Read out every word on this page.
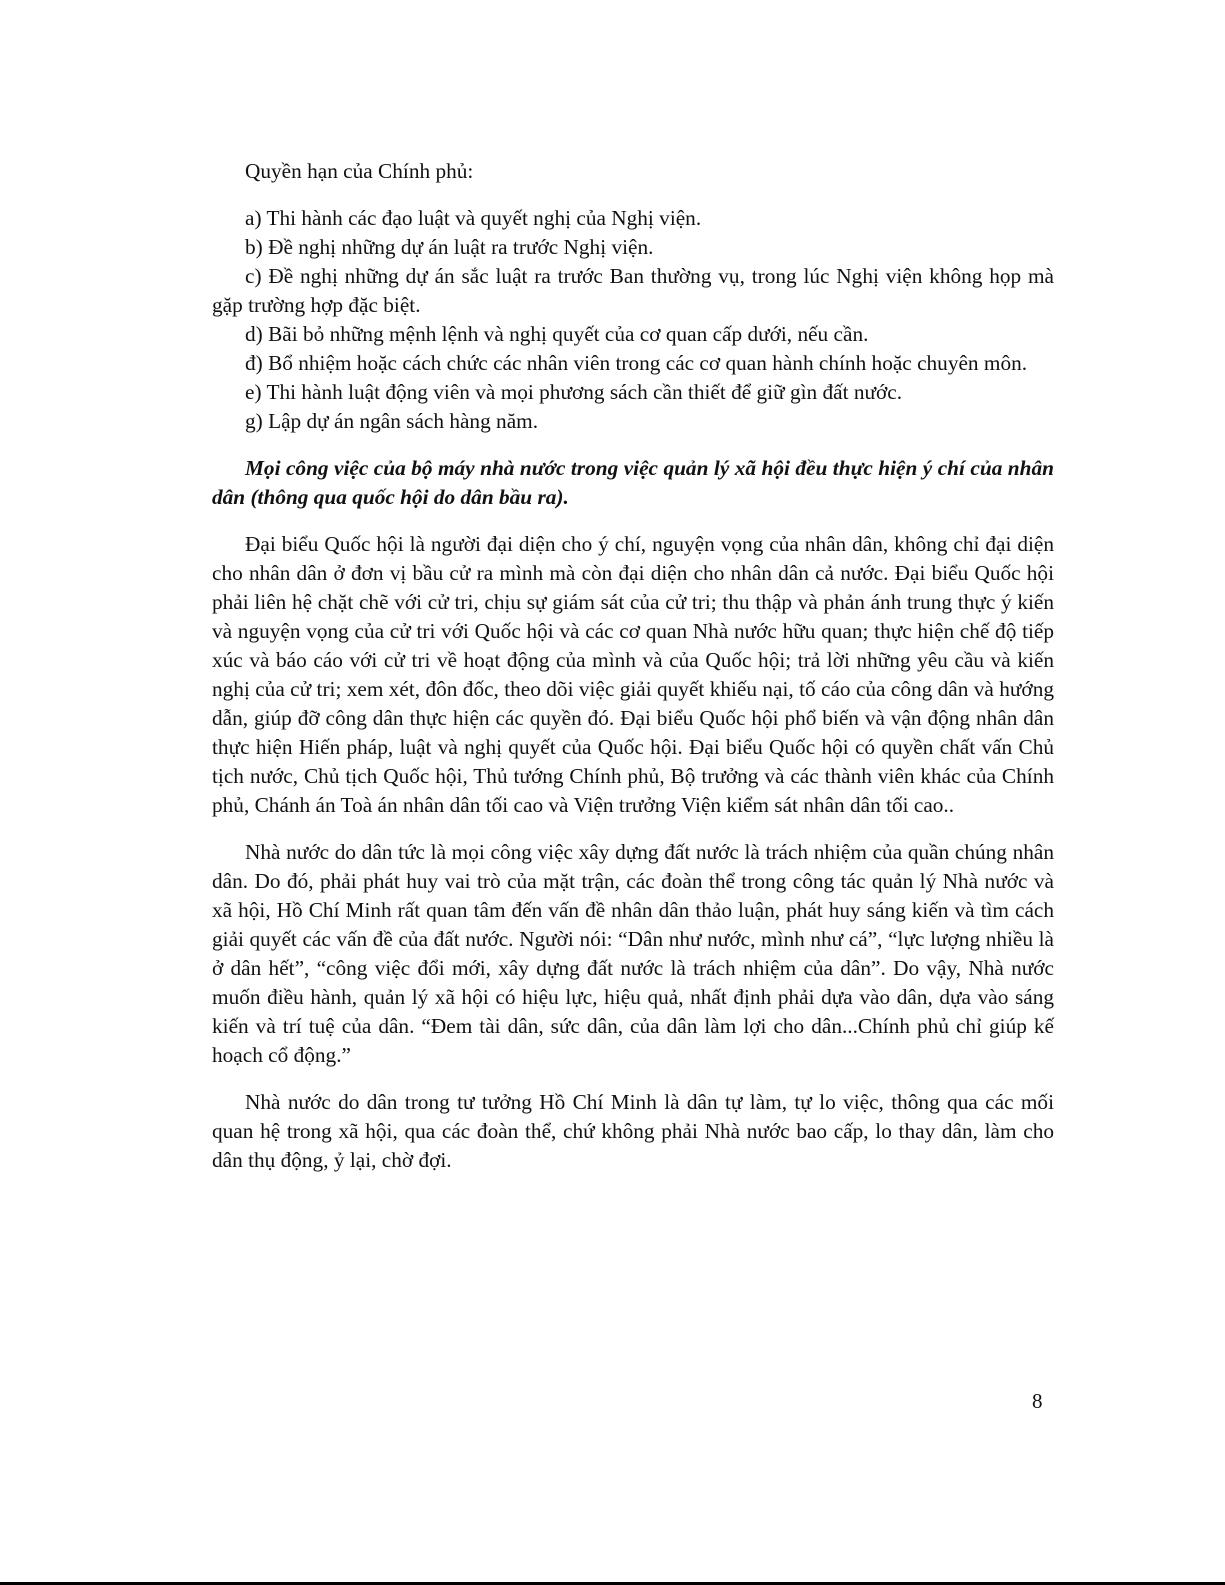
Quyền hạn của Chính phủ:

a) Thi hành các đạo luật và quyết nghị của Nghị viện.

b) Đề nghị những dự án luật ra trước Nghị viện.

c) Đề nghị những dự án sắc luật ra trước Ban thường vụ, trong lúc Nghị viện không họp mà gặp trường hợp đặc biệt.

d) Bãi bỏ những mệnh lệnh và nghị quyết của cơ quan cấp dưới, nếu cần.

đ) Bổ nhiệm hoặc cách chức các nhân viên trong các cơ quan hành chính hoặc chuyên môn.

e) Thi hành luật động viên và mọi phương sách cần thiết để giữ gìn đất nước.

g) Lập dự án ngân sách hàng năm.

Mọi công việc của bộ máy nhà nước trong việc quản lý xã hội đều thực hiện ý chí của nhân dân (thông qua quốc hội do dân bầu ra).

Đại biểu Quốc hội là người đại diện cho ý chí, nguyện vọng của nhân dân, không chỉ đại diện cho nhân dân ở đơn vị bầu cử ra mình mà còn đại diện cho nhân dân cả nước. Đại biểu Quốc hội phải liên hệ chặt chẽ với cử tri, chịu sự giám sát của cử tri; thu thập và phản ánh trung thực ý kiến và nguyện vọng của cử tri với Quốc hội và các cơ quan Nhà nước hữu quan; thực hiện chế độ tiếp xúc và báo cáo với cử tri về hoạt động của mình và của Quốc hội; trả lời những yêu cầu và kiến nghị của cử tri; xem xét, đôn đốc, theo dõi việc giải quyết khiếu nại, tố cáo của công dân và hướng dẫn, giúp đỡ công dân thực hiện các quyền đó. Đại biểu Quốc hội phổ biến và vận động nhân dân thực hiện Hiến pháp, luật và nghị quyết của Quốc hội. Đại biểu Quốc hội có quyền chất vấn Chủ tịch nước, Chủ tịch Quốc hội, Thủ tướng Chính phủ, Bộ trưởng và các thành viên khác của Chính phủ, Chánh án Toà án nhân dân tối cao và Viện trưởng Viện kiểm sát nhân dân tối cao..

Nhà nước do dân tức là mọi công việc xây dựng đất nước là trách nhiệm của quần chúng nhân dân. Do đó, phải phát huy vai trò của mặt trận, các đoàn thể trong công tác quản lý Nhà nước và xã hội, Hồ Chí Minh rất quan tâm đến vấn đề nhân dân thảo luận, phát huy sáng kiến và tìm cách giải quyết các vấn đề của đất nước. Người nói: “Dân như nước, mình như cá”, “lực lượng nhiều là ở dân hết”, “công việc đổi mới, xây dựng đất nước là trách nhiệm của dân”. Do vậy, Nhà nước muốn điều hành, quản lý xã hội có hiệu lực, hiệu quả, nhất định phải dựa vào dân, dựa vào sáng kiến và trí tuệ của dân. “Đem tài dân, sức dân, của dân làm lợi cho dân...Chính phủ chỉ giúp kế hoạch cổ động.”

Nhà nước do dân trong tư tưởng Hồ Chí Minh là dân tự làm, tự lo việc, thông qua các mối quan hệ trong xã hội, qua các đoàn thể, chứ không phải Nhà nước bao cấp, lo thay dân, làm cho dân thụ động, ỷ lại, chờ đợi.

8
